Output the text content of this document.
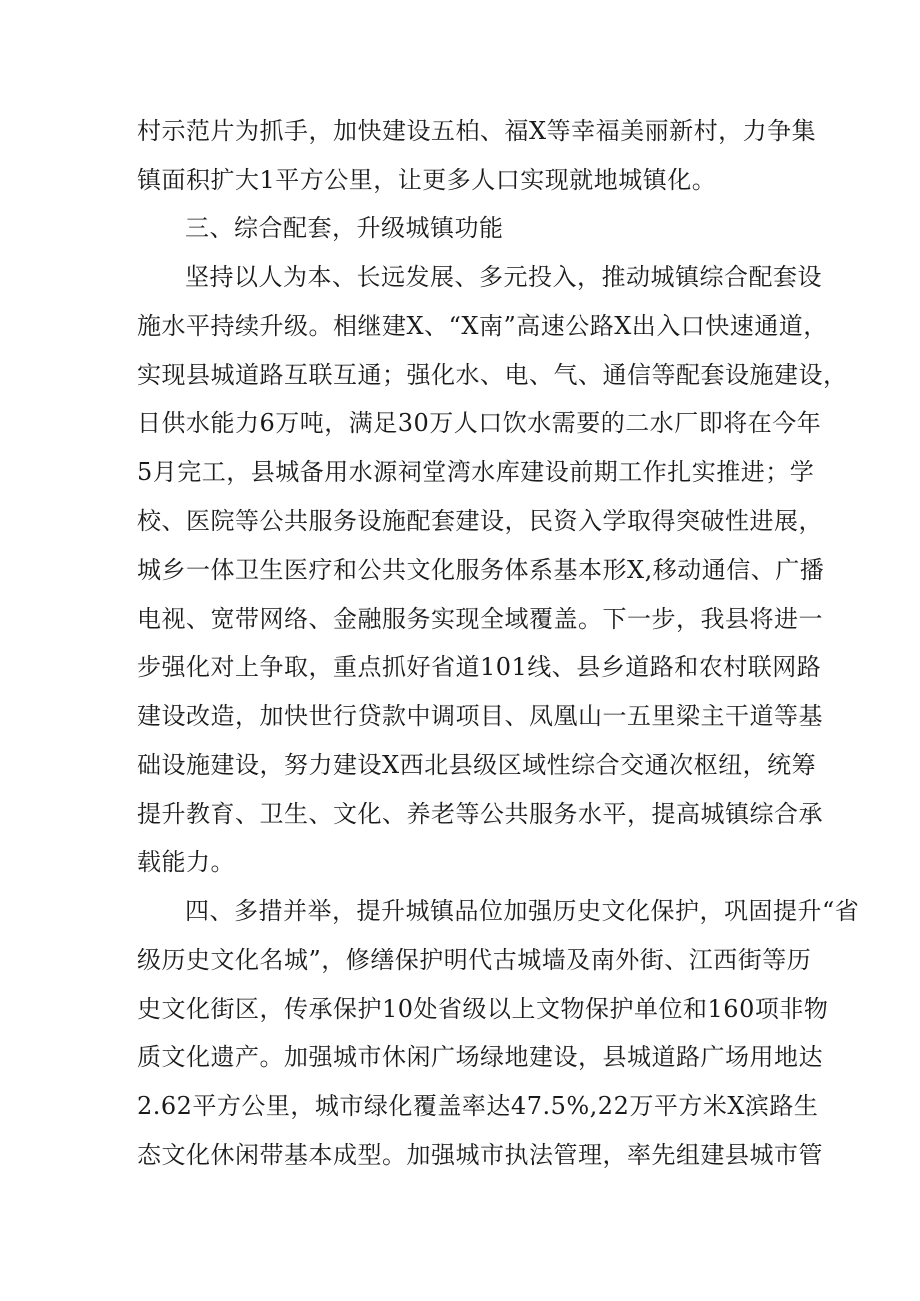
村示范片为抓手，加快建设五柏、福X等幸福美丽新村，力争集
镇面积扩大1平方公里，让更多人口实现就地城镇化。
三、综合配套，升级城镇功能
坚持以人为本、长远发展、多元投入，推动城镇综合配套设
施水平持续升级。相继建X、“X南”高速公路X出入口快速通道，
实现县城道路互联互通；强化水、电、气、通信等配套设施建设，
日供水能力6万吨，满足30万人口饮水需要的二水厂即将在今年
5月完工，县城备用水源祠堂湾水库建设前期工作扎实推进；学
校、医院等公共服务设施配套建设，民资入学取得突破性进展，
城乡一体卫生医疗和公共文化服务体系基本形X,移动通信、广播
电视、宽带网络、金融服务实现全域覆盖。下一步，我县将进一
步强化对上争取，重点抓好省道101线、县乡道路和农村联网路
建设改造，加快世行贷款中调项目、凤凰山一五里梁主干道等基
础设施建设，努力建设X西北县级区域性综合交通次枢纽，统筹
提升教育、卫生、文化、养老等公共服务水平，提高城镇综合承
载能力。
四、多措并举，提升城镇品位加强历史文化保护，巩固提升“省
级历史文化名城”，修缮保护明代古城墙及南外街、江西街等历
史文化街区，传承保护10处省级以上文物保护单位和160项非物
质文化遗产。加强城市休闲广场绿地建设，县城道路广场用地达
2.62平方公里，城市绿化覆盖率达47.5%,22万平方米X滨路生
态文化休闲带基本成型。加强城市执法管理，率先组建县城市管
